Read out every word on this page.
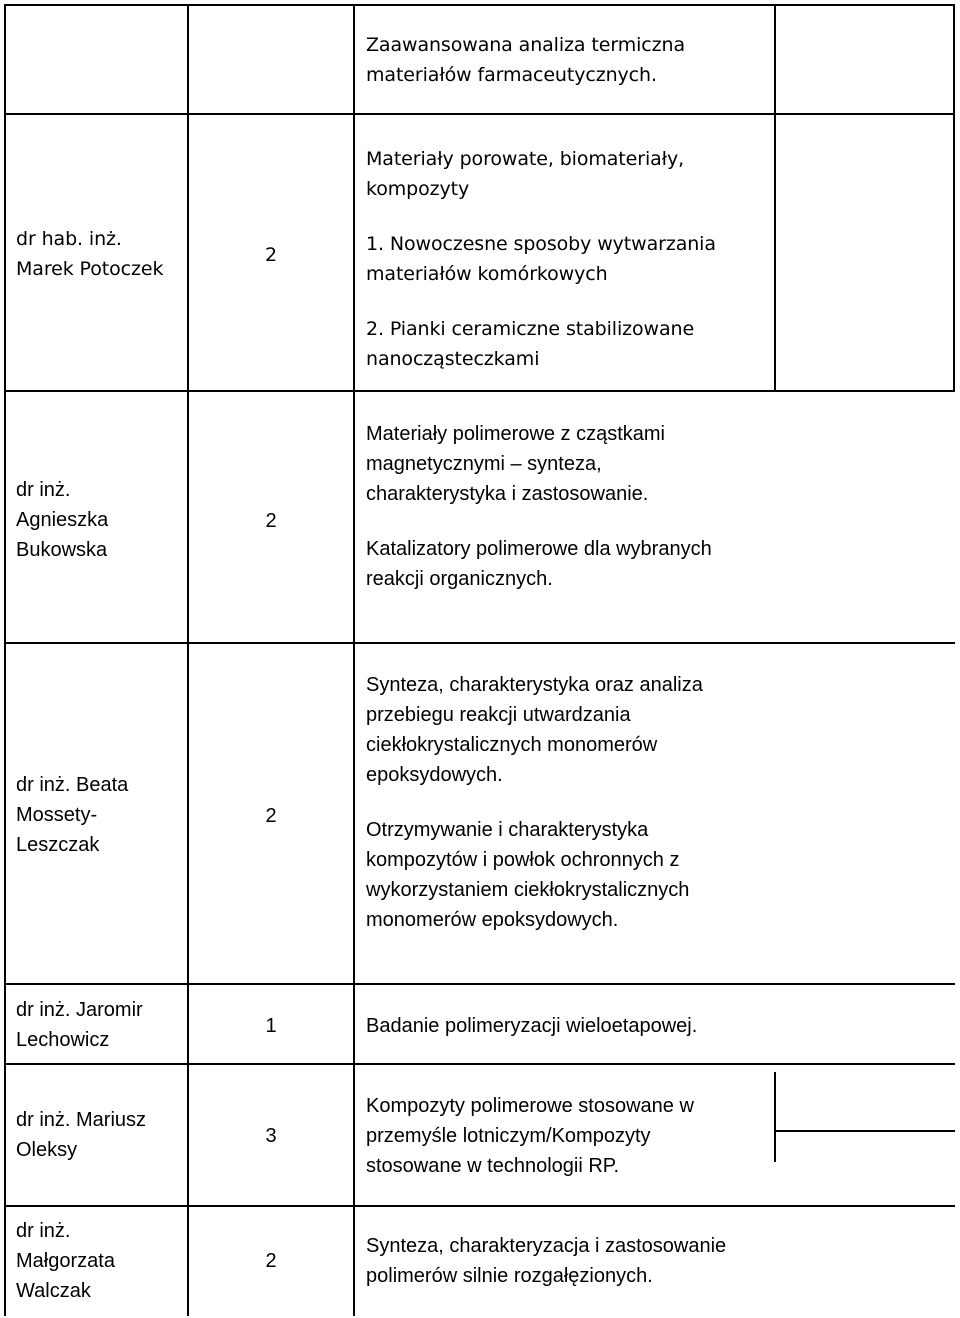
Zaawansowana analiza termiczna
materiałów farmaceutycznych.
dr hab. inż.
Marek Potoczek
2
Materiały porowate, biomateriały,
kompozyty
1. Nowoczesne sposoby wytwarzania
materiałów komórkowych
2. Pianki ceramiczne stabilizowane
nanocząsteczkami
dr inż.
Agnieszka
Bukowska
2
Materiały polimerowe z cząstkami
magnetycznymi – synteza,
charakterystyka i zastosowanie.
Katalizatory polimerowe dla wybranych
reakcji organicznych.
dr inż. Beata
Mossety-
Leszczak
2
Synteza, charakterystyka oraz analiza
przebiegu reakcji utwardzania
ciekłokrystalicznych monomerów
epoksydowych.
Otrzymywanie i charakterystyka
kompozytów i powłok ochronnych z
wykorzystaniem ciekłokrystalicznych
monomerów epoksydowych.
dr inż. Jaromir
Lechowicz
1	Badanie polimeryzacji wieloetapowej.
dr inż. Mariusz
Oleksy
3
Kompozyty polimerowe stosowane w
przemyśle lotniczym/Kompozyty
stosowane w technologii RP.
dr inż.
Małgorzata
Walczak
2
Synteza, charakteryzacja i zastosowanie
polimerów silnie rozgałęzionych.
